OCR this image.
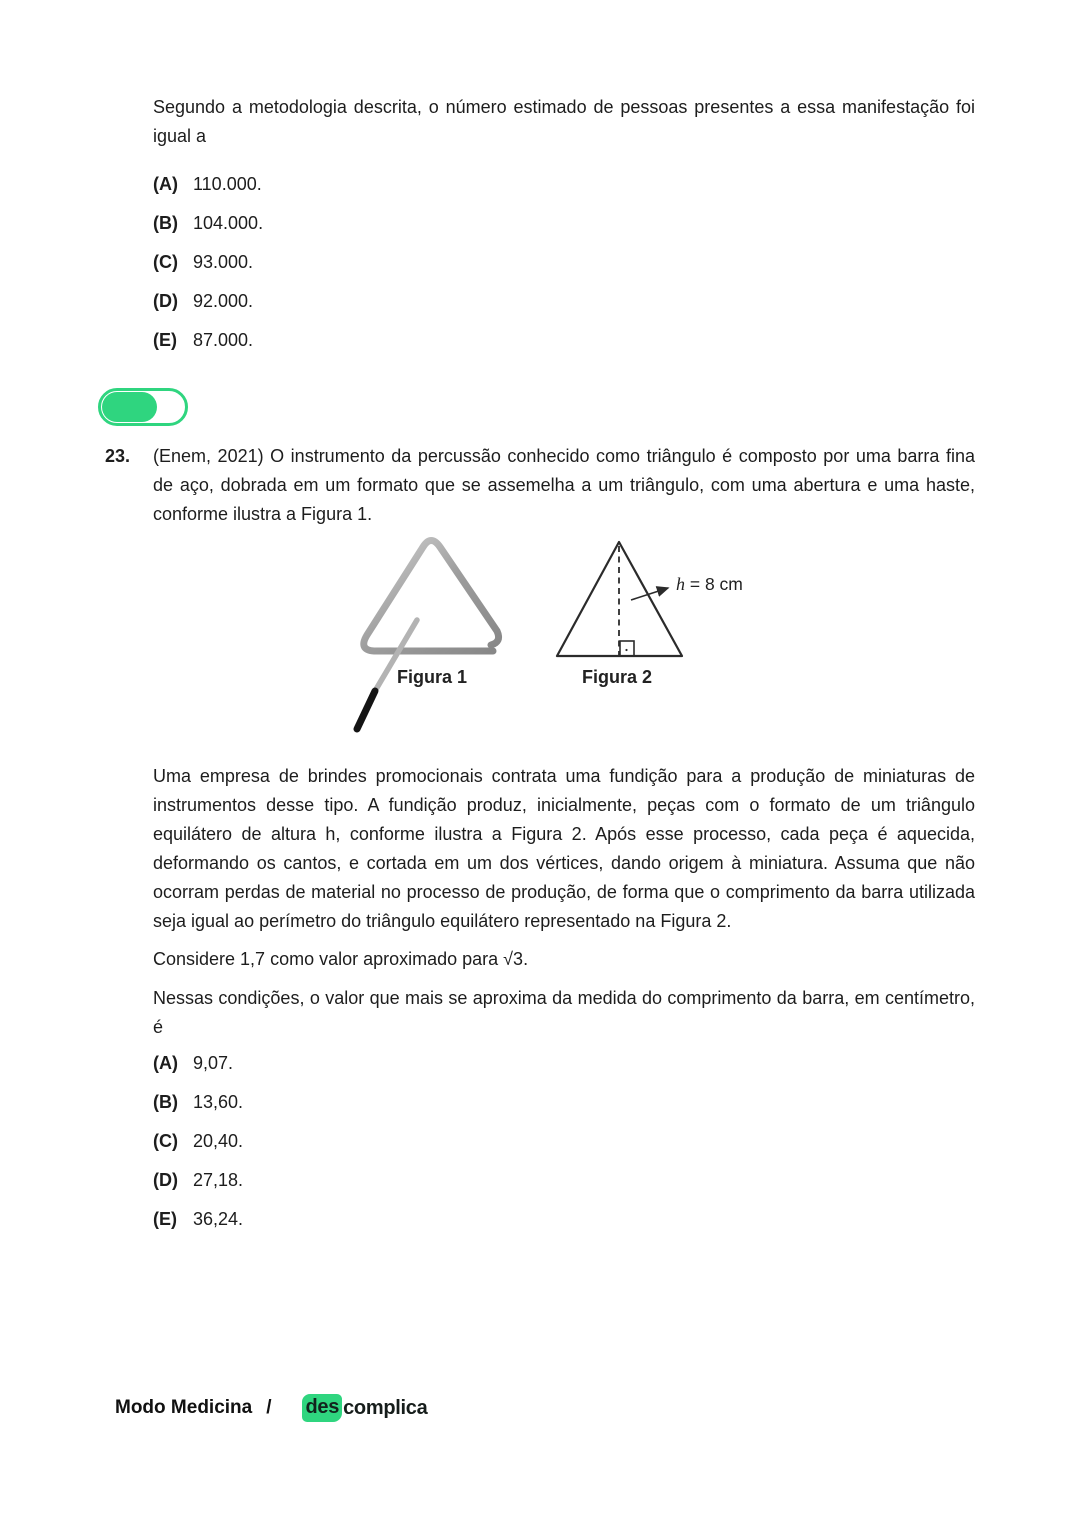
Segundo a metodologia descrita, o número estimado de pessoas presentes a essa manifestação foi igual a

(A) 110.000.
(B) 104.000.
(C) 93.000.
(D) 92.000.
(E) 87.000.
23. (Enem, 2021) O instrumento da percussão conhecido como triângulo é composto por uma barra fina de aço, dobrada em um formato que se assemelha a um triângulo, com uma abertura e uma haste, conforme ilustra a Figura 1.

h = 8 cm
Figura 1	Figura 2

Uma empresa de brindes promocionais contrata uma fundição para a produção de miniaturas de instrumentos desse tipo. A fundição produz, inicialmente, peças com o formato de um triângulo equilátero de altura h, conforme ilustra a Figura 2. Após esse processo, cada peça é aquecida, deformando os cantos, e cortada em um dos vértices, dando origem à miniatura. Assuma que não ocorram perdas de material no processo de produção, de forma que o comprimento da barra utilizada seja igual ao perímetro do triângulo equilátero representado na Figura 2.

Considere 1,7 como valor aproximado para √3.

Nessas condições, o valor que mais se aproxima da medida do comprimento da barra, em centímetro, é

(A) 9,07.
(B) 13,60.
(C) 20,40.
(D) 27,18.
(E) 36,24.
Modo Medicina / des complica
